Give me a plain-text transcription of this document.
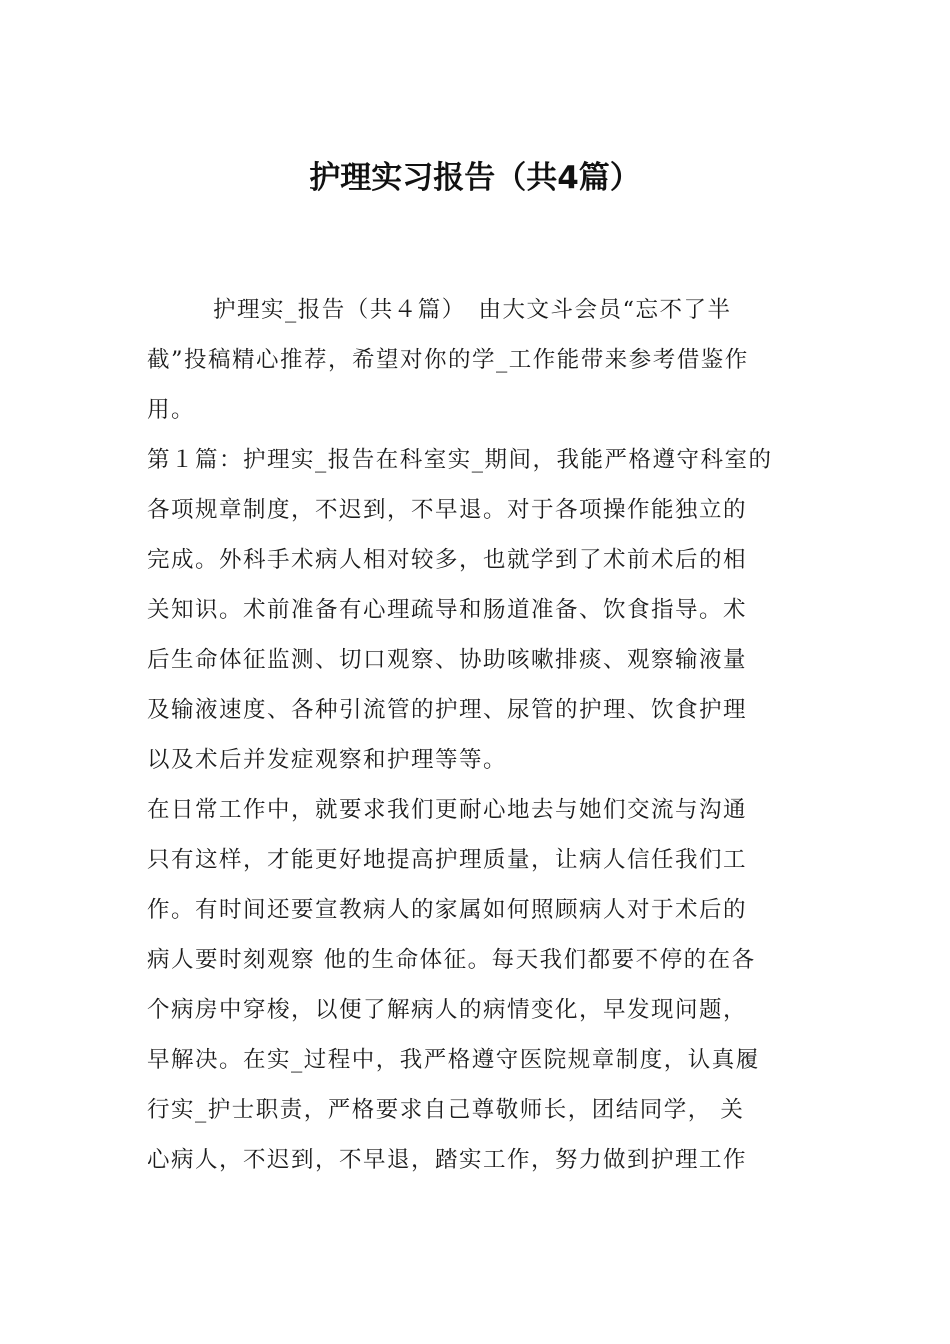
护理实习报告（共4篇）
护理实_报告（共４篇）　由大文斗会员“忘不了半
截”投稿精心推荐，希望对你的学_工作能带来参考借鉴作
用。
第１篇：护理实_报告在科室实_期间，我能严格遵守科室的
各项规章制度，不迟到，不早退。对于各项操作能独立的
完成。外科手术病人相对较多，也就学到了术前术后的相
关知识。术前准备有心理疏导和肠道准备、饮食指导。术
后生命体征监测、切口观察、协助咳嗽排痰、观察输液量
及输液速度、各种引流管的护理、尿管的护理、饮食护理
以及术后并发症观察和护理等等。
在日常工作中，就要求我们更耐心地去与她们交流与沟通
只有这样，才能更好地提高护理质量，让病人信任我们工
作。有时间还要宣教病人的家属如何照顾病人对于术后的
病人要时刻观察 他的生命体征。每天我们都要不停的在各
个病房中穿梭，以便了解病人的病情变化，早发现问题，
早解决。在实_过程中，我严格遵守医院规章制度，认真履
行实_护士职责，严格要求自己尊敬师长，团结同学， 关
心病人，不迟到，不早退，踏实工作，努力做到护理工作
